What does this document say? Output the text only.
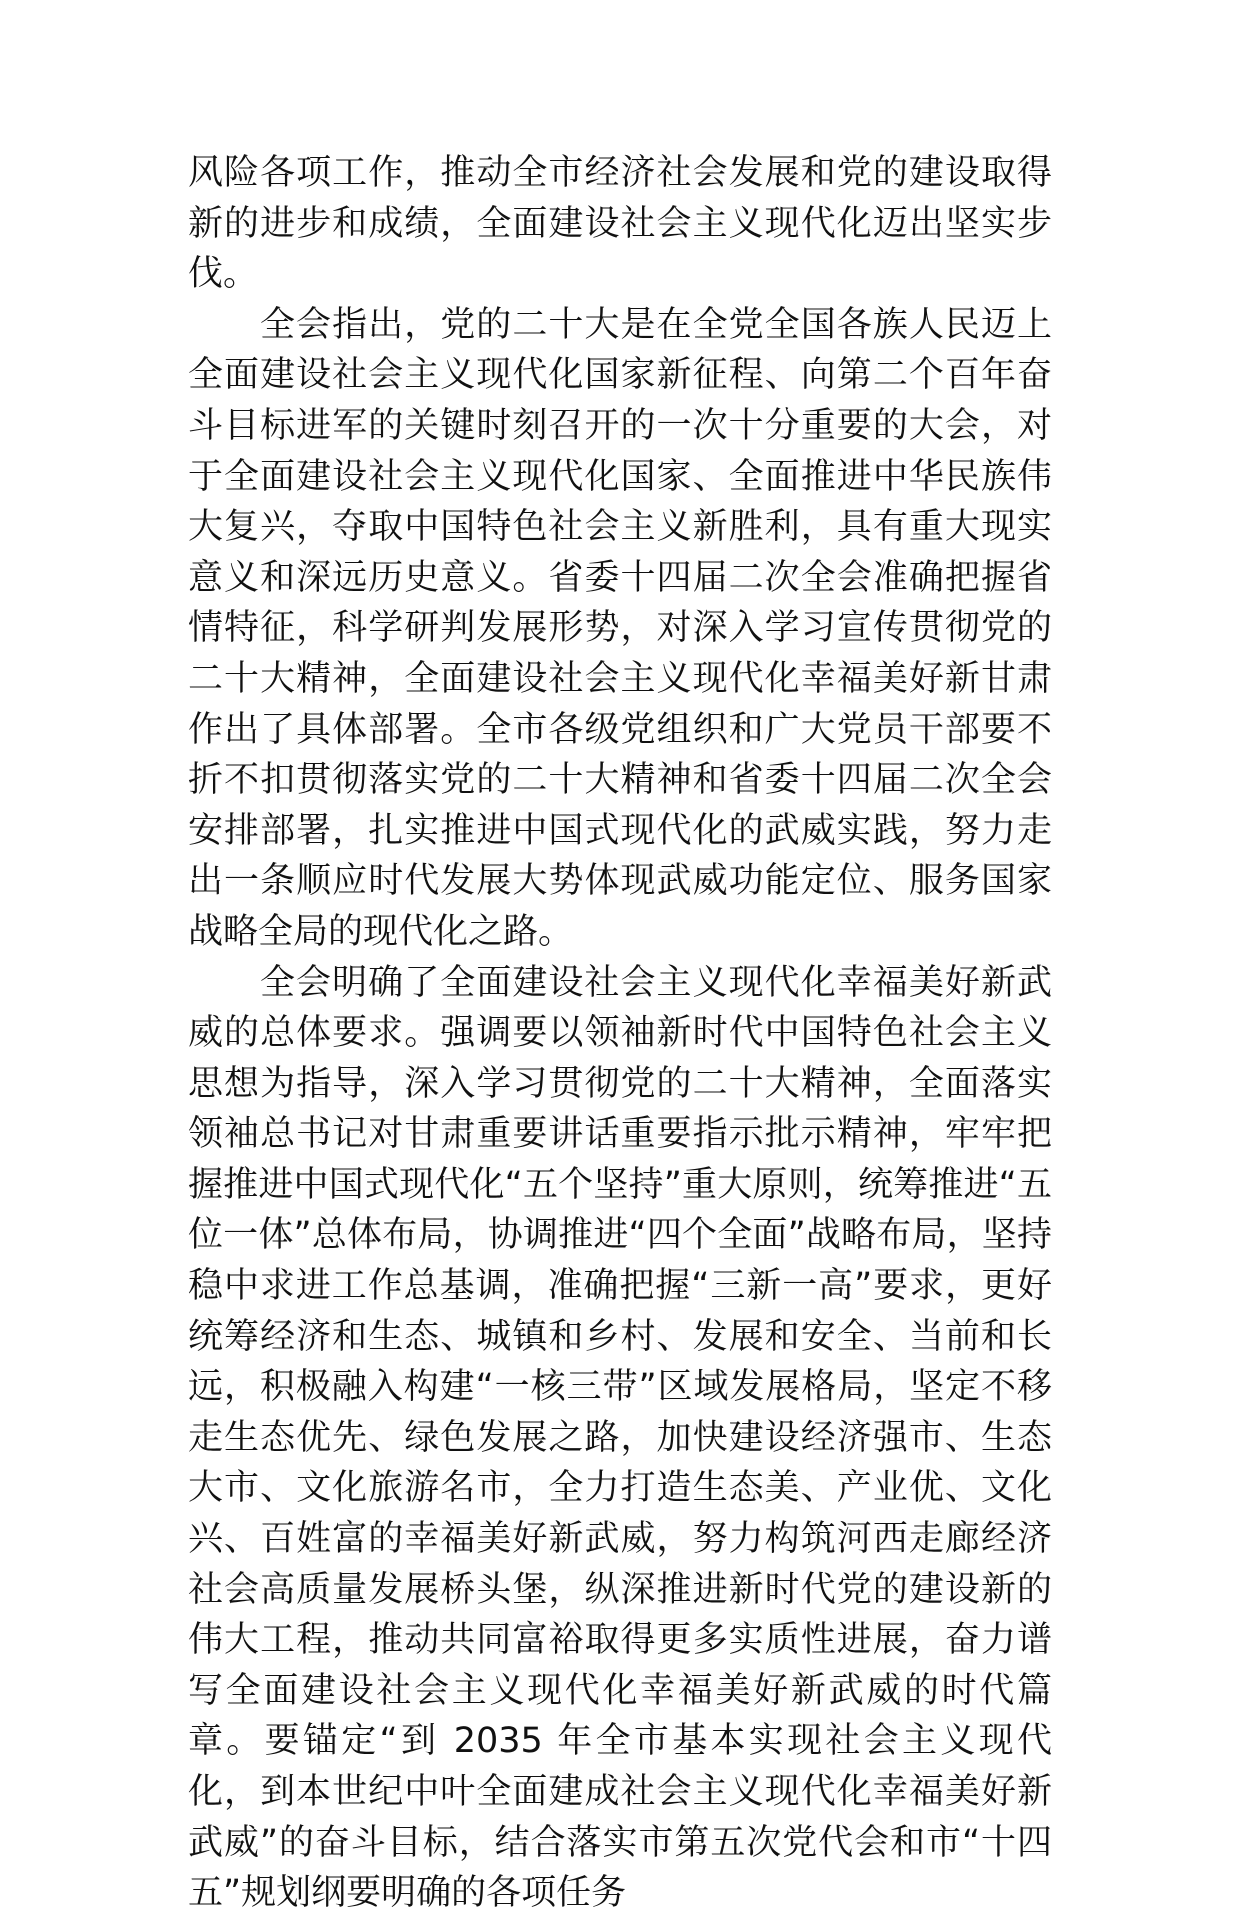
风险各项工作，推动全市经济社会发展和党的建设取得新的进步和成绩，全面建设社会主义现代化迈出坚实步伐。

全会指出，党的二十大是在全党全国各族人民迈上全面建设社会主义现代化国家新征程、向第二个百年奋斗目标进军的关键时刻召开的一次十分重要的大会，对于全面建设社会主义现代化国家、全面推进中华民族伟大复兴，夺取中国特色社会主义新胜利，具有重大现实意义和深远历史意义。省委十四届二次全会准确把握省情特征，科学研判发展形势，对深入学习宣传贯彻党的二十大精神，全面建设社会主义现代化幸福美好新甘肃作出了具体部署。全市各级党组织和广大党员干部要不折不扣贯彻落实党的二十大精神和省委十四届二次全会安排部署，扎实推进中国式现代化的武威实践，努力走出一条顺应时代发展大势体现武威功能定位、服务国家战略全局的现代化之路。

全会明确了全面建设社会主义现代化幸福美好新武威的总体要求。强调要以领袖新时代中国特色社会主义思想为指导，深入学习贯彻党的二十大精神，全面落实领袖总书记对甘肃重要讲话重要指示批示精神，牢牢把握推进中国式现代化“五个坚持”重大原则，统筹推进“五位一体”总体布局，协调推进“四个全面”战略布局，坚持稳中求进工作总基调，准确把握“三新一高”要求，更好统筹经济和生态、城镇和乡村、发展和安全、当前和长远，积极融入构建“一核三带”区域发展格局，坚定不移走生态优先、绿色发展之路，加快建设经济强市、生态大市、文化旅游名市，全力打造生态美、产业优、文化兴、百姓富的幸福美好新武威，努力构筑河西走廊经济社会高质量发展桥头堡，纵深推进新时代党的建设新的伟大工程，推动共同富裕取得更多实质性进展，奋力谱写全面建设社会主义现代化幸福美好新武威的时代篇章。要锚定“到 2035 年全市基本实现社会主义现代化，到本世纪中叶全面建成社会主义现代化幸福美好新武威”的奋斗目标，结合落实市第五次党代会和市“十四五”规划纲要明确的各项任务
